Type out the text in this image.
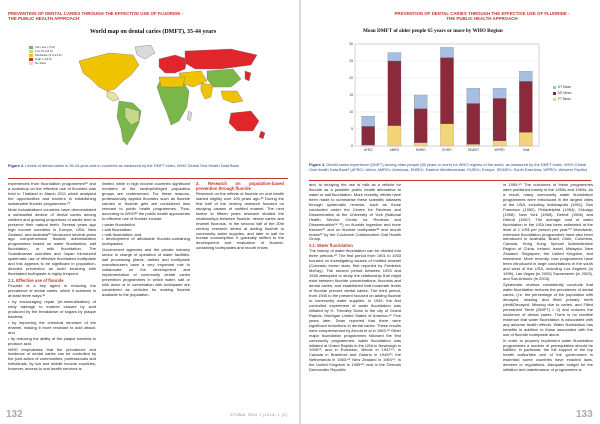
PREVENTION OF DENTAL CARIES THROUGH THE EFFECTIVE USE OF FLUORIDE -
THE PUBLIC HEALTH APPROACH
World map on dental caries (DMFT), 35-44 years
Very low (<5.0)
Low (5.0-8.9)
Moderate (9.0-13.9)
High (>13.9)
No data
Figure 2. Levels of dental caries in 35-44-year-olds in countries as measured by the DMFT index, WHO Global Oral Health Data Bank

experiences from fluoridation programmes²⁸ and a workshop on the effective use of fluorides was held in Thailand in March 2011 which analysed the opportunities and barriers in establishing sustainable fluoride programmes.²⁹

Most industrialised countries have demonstrated a substantial decline of dental caries among children and growing proportions of adults tend to preserve their natural teeth. Several years ago high income countries in Europe, USA, New Zealand, and Australia³⁰ introduced several years ago comprehensive fluoride administration programmes based on water fluoridation, salt fluoridation, or milk fluoridation. The Scandinavian countries and Japan introduced systematic use of effective fluoridated toothpaste and this appears to be significant in population-directed prevention as tooth brushing with fluoridated toothpaste is highly frequent.

2.1. Effective use of fluoride

Fluoride is a key agent in reducing the prevalence of dental caries, which it achieves in at least three ways:³¹

• by encouraging repair (re-mineralisation) of early damage to enamel caused by acid produced by the breakdown of sugars by plaque bacteria;

• by improving the chemical structure of the enamel, making it more resistant to acid attack; and

• by reducing the ability of the plaque bacteria to produce acid.

WHO emphasises that the prevalence and incidence of dental caries can be controlled by the joint action of communities, professionals and individuals, by low and middle income countries, however, access to oral health services is

limited, while in high income countries significant numbers of the underprivileged population groups are underserved. For these reasons, professionally applied fluorides such as fluoride varnish or fluoride gels are considered less relevant to public health programmes. Thus, according to WHO³² the public health approaches to effective use of fluoride include:

• water fluoridation

• salt fluoridation

• milk fluoridation; and

• development of affordable fluoride-containing toothpastes.

Government agencies and the private industry sector in charge of operation of water facilities, salt processing plants, dairies and toothpaste manufacturers have a very important role to collaborate on the development and implementation of community dental caries prevention programmes in which water, salt or milk alone or in combination with toothpaste are considered as vehicles for making fluoride available to the population.

3. Research on population-based prevention through fluoride

Research on the effects of fluoride on oral health started slightly over 100 years ago.³³ During the first half of the century research focused on studying causes of mottled enamel. The next twelve to fifteen years research studied the relationships between fluoride, dental caries and enamel fluorosis. In the second half of the 20th century research aimed at adding fluoride to community water supplies, and later to salt for human consumption; it gradually shifted to the development and evaluation of fluoride-containing toothpastes and mouth rinses

132	STOMA. EDU J (2014) 1 (2)
PREVENTION OF DENTAL CARIES THROUGH THE EFFECTIVE USE OF FLUORIDE -
THE PUBLIC HEALTH APPROACH
Mean DMFT of older people 65 years or more by WHO Region
0
5
10
15
20
25
30
AFRO	AMRO	EMRO	EURO	SEARO	WPRO	Total
DT Mean
MT Mean
FT Mean
Figure 3. Dental caries experience (DMFT) among older people (65 years or more) for WHO regions of the world, as measured by the DMFT index, WHO Global Oral Health Data Bank³ (AFRO= Africa, AMRO= Americas, EMRO= Eastern Mediterranean, EURO= Europe, SEARO= South East Asia, WPRO= Western Pacific)

and, to studying the use of milk as a vehicle for fluoride as a possible public health alternative to water or salt fluoridation. More recently, efforts have been made to summarise these scientific datasets through systematic reviews, such as those conducted under the Centre for Reviews and Dissemination at the University of York (National Health Service Centre for Reviews and Dissemination³⁴⁻³⁶) on fluoride ingestion and bone fracture³⁷ and on fluoride toothpaste³⁸ and mouth rinses³⁹ by the Cochrane Collaboration Oral Health Group.

3.1. Water fluoridation

The history of water fluoridation can be divided into three periods.⁴⁰ The first period from 1901 to 1933 focused on investigating causes of mottled enamel (Colorado brown stain, first reported by Frederick McKay). The second period between 1933 and 1945 attempted to study the relationship that might exist between fluoride concentrations, fluorosis and dental caries, and established that moderate levels of fluoride prevent dental caries. The third period, from 1945 to the present focused on adding fluoride to community water supplies. In 1945, the first controlled experiment of water fluoridation was initiated by H. Trendley Dean in the city of Grand Rapids, Michigan United States of America.⁴¹ Five years later, Dean reported that there were significant reductions in dental caries. These results were complemented by Arnold et al in 1953.⁴² Other major fluoridation programmes followed the first community programmes: water fluoridation was initiated at Grand Rapids in the USA in Newburgh in 1945⁴³; and in Evanston, Illinois in 1947⁴⁴; in Canada in Brantford and Ontario in 1945⁴⁵; the Netherlands in 1953;⁴⁶ New Zealand in 1954⁴⁷; in the United Kingdom in 1955⁴⁸; and in the German Democratic Republic

in 1959.⁴⁹ The outcomes of these programmes were published mainly in the 1950s and 1960s. As a result, many community water fluoridation programmes were introduced in the largest cities of the USA, including Indianapolis (1951), San Francisco (1952), Philadelphia (1954), Chicago (1956), New York (1965), Detroit (1966) and Detroit (1967). The average cost of water fluoridation in the USA has been estimated at the level of 1 US$ per person per year.⁵⁰ Worldwide, extensive fluoridation programmes have also been introduced in Australia, Brazil, Chile, Colombia, Canada, Hong Kong Special Administrative Region of China, Ireland, Israel, Malaysia, New Zealand, Singapore, the United Kingdom, and elsewhere. More recently, new programmes have been introduced in large conurbations in the south and west of the USA, including Los Angeles (in 1999), Las Vegas (in 2000) Sacramento (in 2003), and San Antonio (in 2003).

Systematic reviews consistently conclude that water fluoridation reduces the prevalence of dental caries, (i.e. the percentage of the population with decayed, missing and filled primary teeth (dmft/Decayed, Missing due to caries, and Filled permanent Teeth (DMFT) > 0) and reduces the incidence of dental caries. There is no credible evidence that water fluoridation is associated with any adverse health effects. Water fluoridation has benefits in addition to those associated with the use of fluoride toothpaste alone.

In order to properly implement water fluoridation programmes a number of prerequisites should be fulfilled, in particular, the full support of the top health authorities and of the government is essential; some countries have enacted laws, decrees or regulations. Adequate budget for the initiation and maintenance of programmes is

133
